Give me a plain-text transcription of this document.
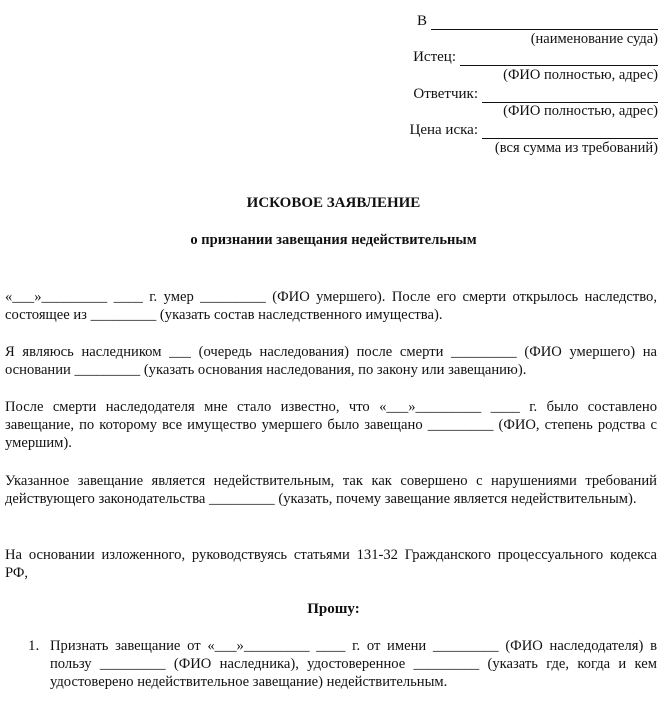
В
(наименование суда)
Истец:
(ФИО полностью, адрес)
Ответчик:
(ФИО полностью, адрес)
Цена иска:
(вся сумма из требований)
ИСКОВОЕ ЗАЯВЛЕНИЕ
о признании завещания недействительным
«___»_________ ____ г. умер _________ (ФИО умершего). После его смерти открылось наследство, состоящее из _________ (указать состав наследственного имущества).
Я являюсь наследником ___ (очередь наследования) после смерти _________ (ФИО умершего) на основании _________ (указать основания наследования, по закону или завещанию).
После смерти наследодателя мне стало известно, что «___»_________ ____ г. было составлено завещание, по которому все имущество умершего было завещано _________ (ФИО, степень родства с умершим).
Указанное завещание является недействительным, так как совершено с нарушениями требований действующего законодательства _________ (указать, почему завещание является недействительным).
На основании изложенного, руководствуясь статьями 131-32 Гражданского процессуального кодекса РФ,
Прошу:
1. Признать завещание от «___»_________ ____ г. от имени _________ (ФИО наследодателя) в пользу _________ (ФИО наследника), удостоверенное _________ (указать где, когда и кем удостоверено недействительное завещание) недействительным.
